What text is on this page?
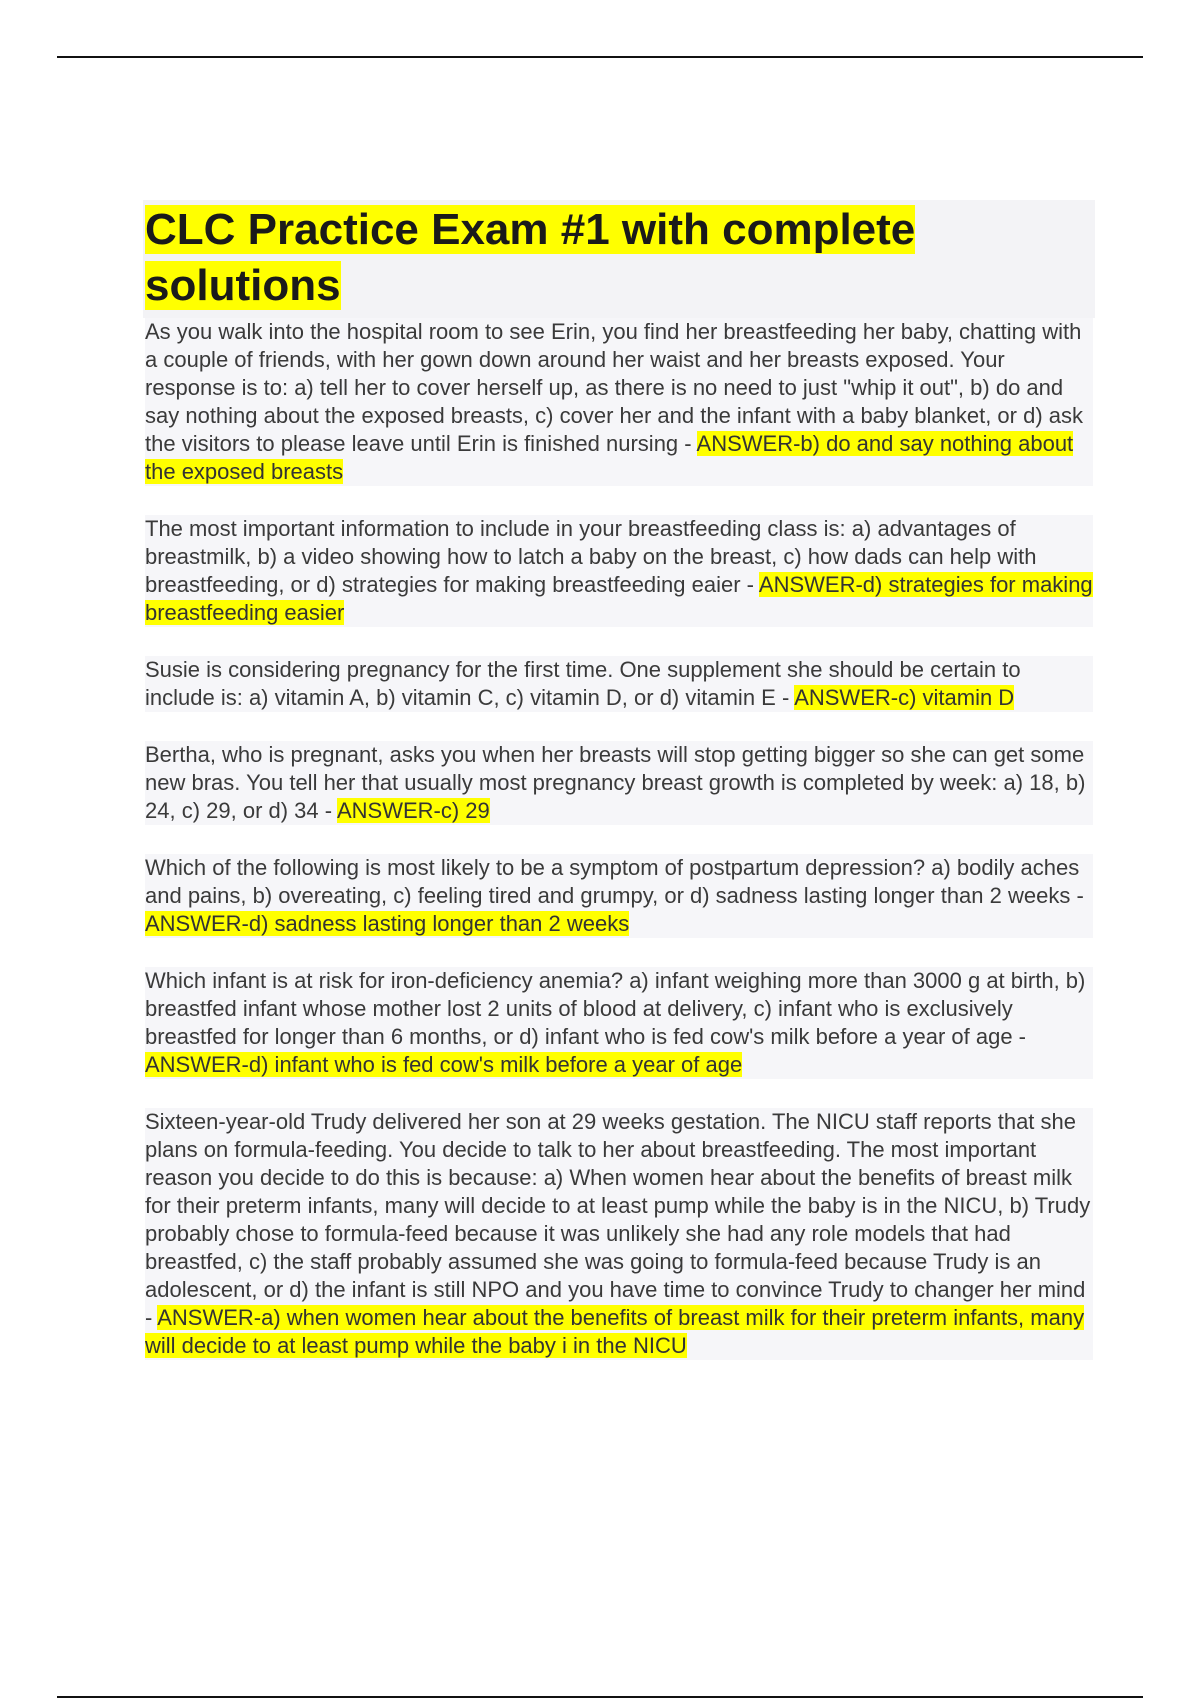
CLC Practice Exam #1 with complete solutions

As you walk into the hospital room to see Erin, you find her breastfeeding her baby, chatting with a couple of friends, with her gown down around her waist and her breasts exposed. Your response is to: a) tell her to cover herself up, as there is no need to just "whip it out", b) do and say nothing about the exposed breasts, c) cover her and the infant with a baby blanket, or d) ask the visitors to please leave until Erin is finished nursing - ANSWER-b) do and say nothing about the exposed breasts

The most important information to include in your breastfeeding class is: a) advantages of breastmilk, b) a video showing how to latch a baby on the breast, c) how dads can help with breastfeeding, or d) strategies for making breastfeeding eaier - ANSWER-d) strategies for making breastfeeding easier

Susie is considering pregnancy for the first time. One supplement she should be certain to include is: a) vitamin A, b) vitamin C, c) vitamin D, or d) vitamin E - ANSWER-c) vitamin D

Bertha, who is pregnant, asks you when her breasts will stop getting bigger so she can get some new bras. You tell her that usually most pregnancy breast growth is completed by week: a) 18, b) 24, c) 29, or d) 34 - ANSWER-c) 29

Which of the following is most likely to be a symptom of postpartum depression? a) bodily aches and pains, b) overeating, c) feeling tired and grumpy, or d) sadness lasting longer than 2 weeks - ANSWER-d) sadness lasting longer than 2 weeks

Which infant is at risk for iron-deficiency anemia? a) infant weighing more than 3000 g at birth, b) breastfed infant whose mother lost 2 units of blood at delivery, c) infant who is exclusively breastfed for longer than 6 months, or d) infant who is fed cow's milk before a year of age - ANSWER-d) infant who is fed cow's milk before a year of age

Sixteen-year-old Trudy delivered her son at 29 weeks gestation. The NICU staff reports that she plans on formula-feeding. You decide to talk to her about breastfeeding. The most important reason you decide to do this is because: a) When women hear about the benefits of breast milk for their preterm infants, many will decide to at least pump while the baby is in the NICU, b) Trudy probably chose to formula-feed because it was unlikely she had any role models that had breastfed, c) the staff probably assumed she was going to formula-feed because Trudy is an adolescent, or d) the infant is still NPO and you have time to convince Trudy to changer her mind - ANSWER-a) when women hear about the benefits of breast milk for their preterm infants, many will decide to at least pump while the baby i in the NICU
